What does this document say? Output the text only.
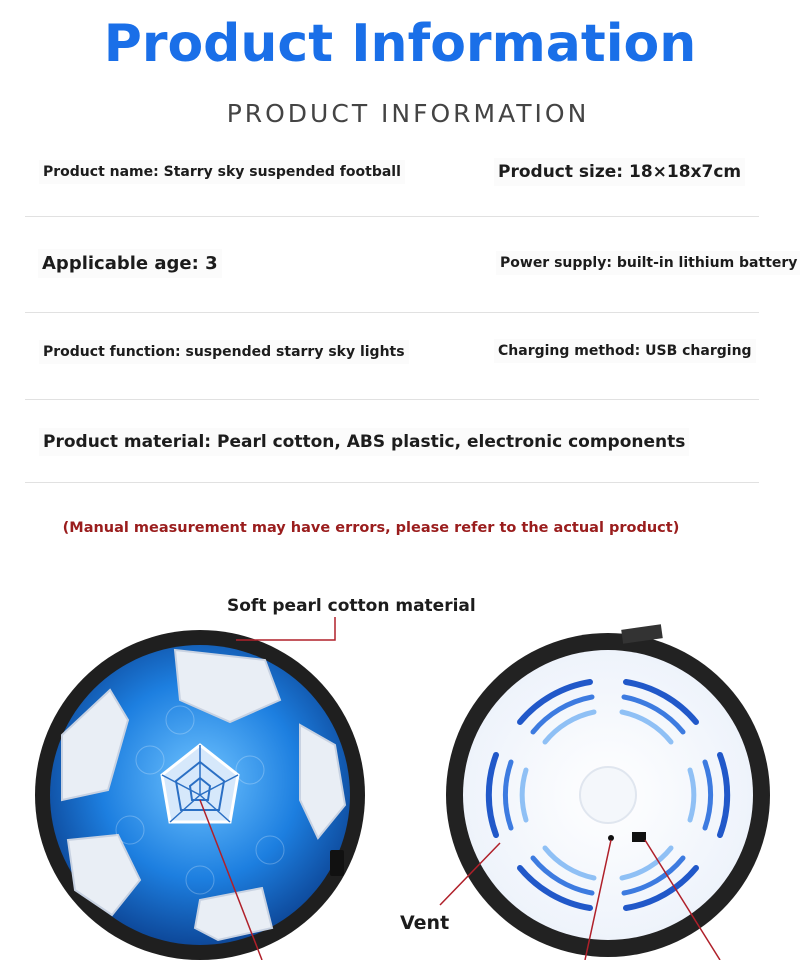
Product Information
PRODUCT INFORMATION
Product name: Starry sky suspended football	Product size: 18×18x7cm
Applicable age: 3	Power supply: built-in lithium battery
Product function: suspended starry sky lights	Charging method: USB charging
Product material: Pearl cotton, ABS plastic, electronic components
(Manual measurement may have errors, please refer to the actual product)
Soft pearl cotton material
Vent
